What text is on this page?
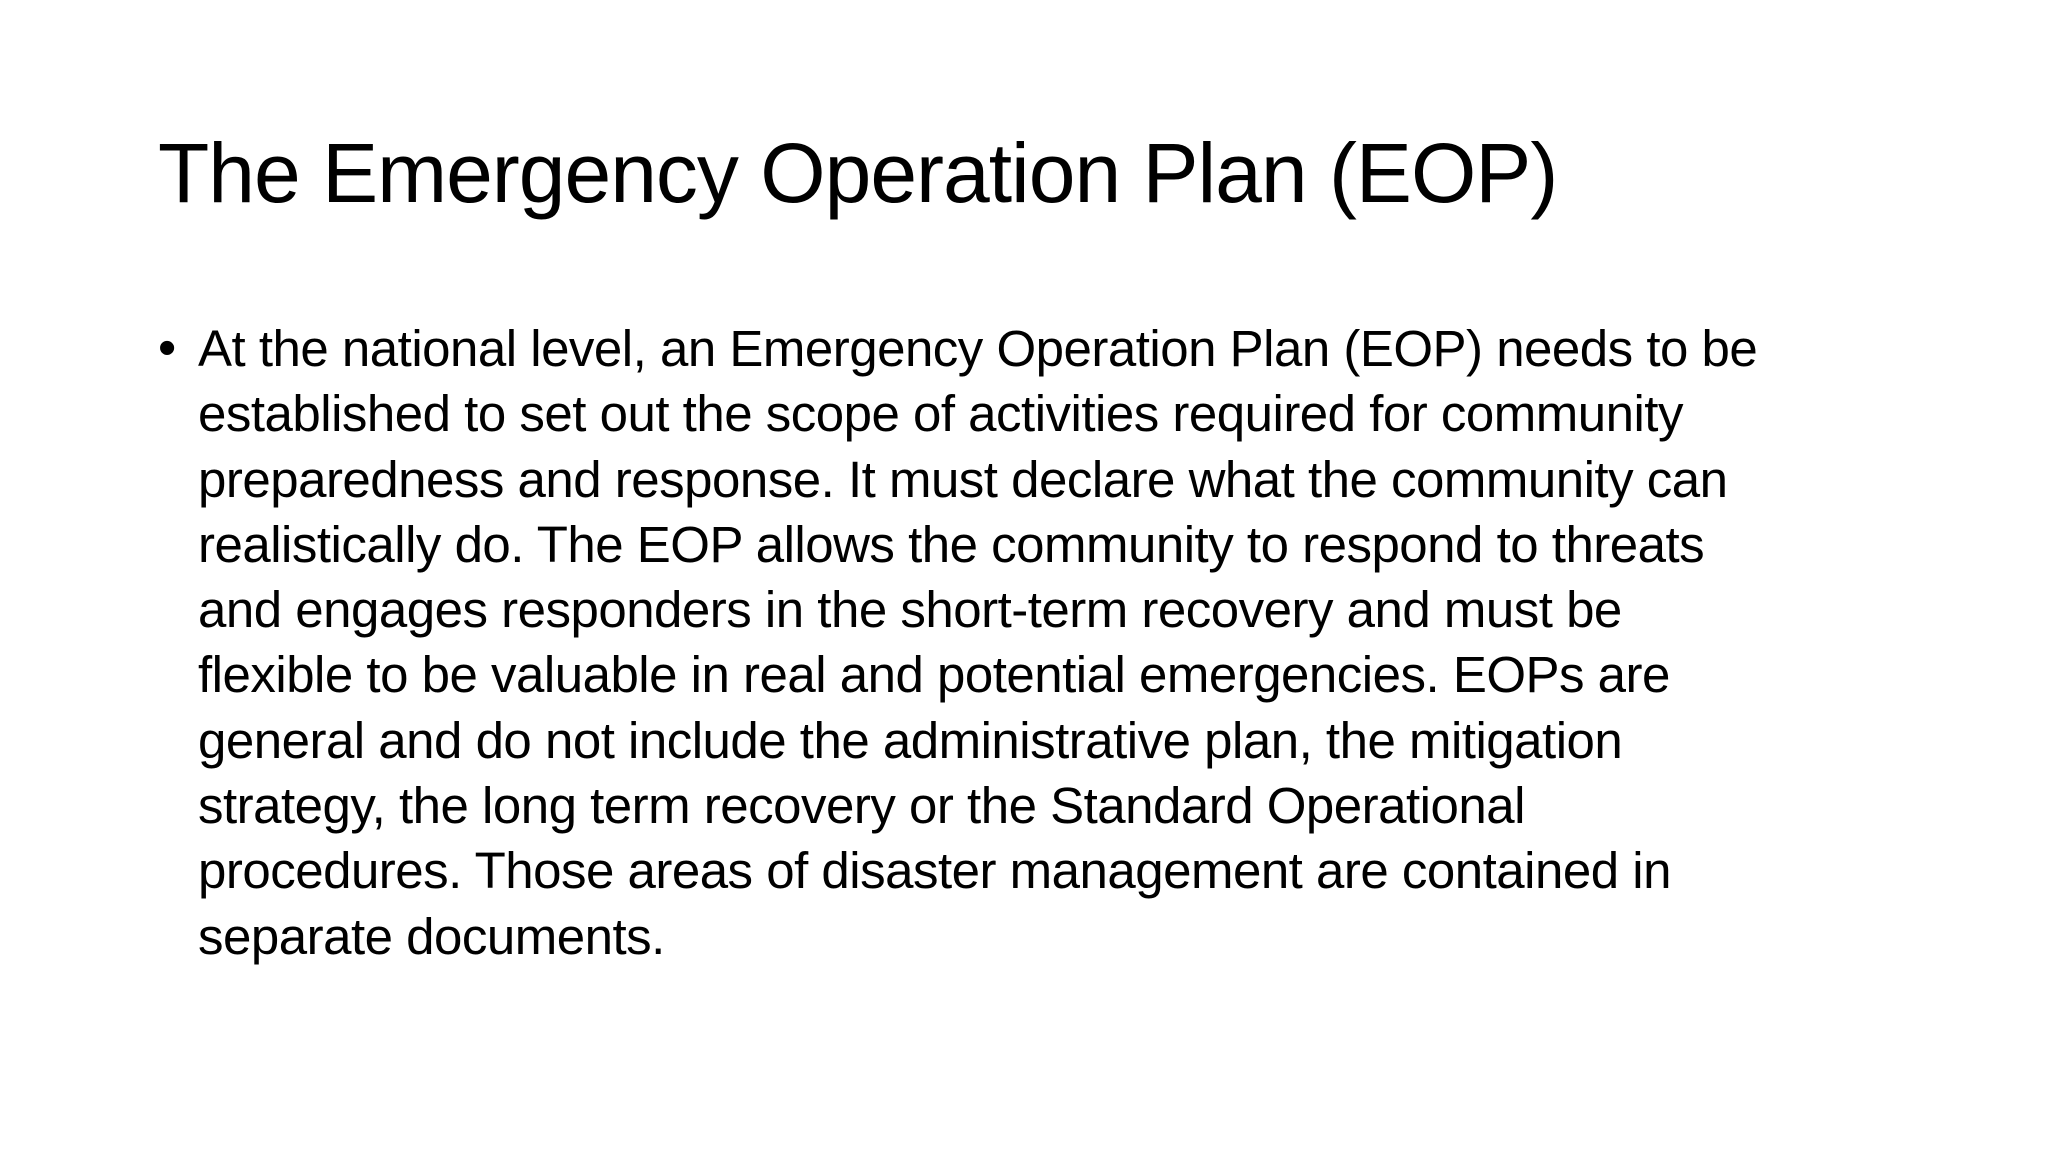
The Emergency Operation Plan (EOP)
• At the national level, an Emergency Operation Plan (EOP) needs to be
established to set out the scope of activities required for community
preparedness and response. It must declare what the community can
realistically do. The EOP allows the community to respond to threats
and engages responders in the short-term recovery and must be
flexible to be valuable in real and potential emergencies. EOPs are
general and do not include the administrative plan, the mitigation
strategy, the long term recovery or the Standard Operational
procedures. Those areas of disaster management are contained in
separate documents.
